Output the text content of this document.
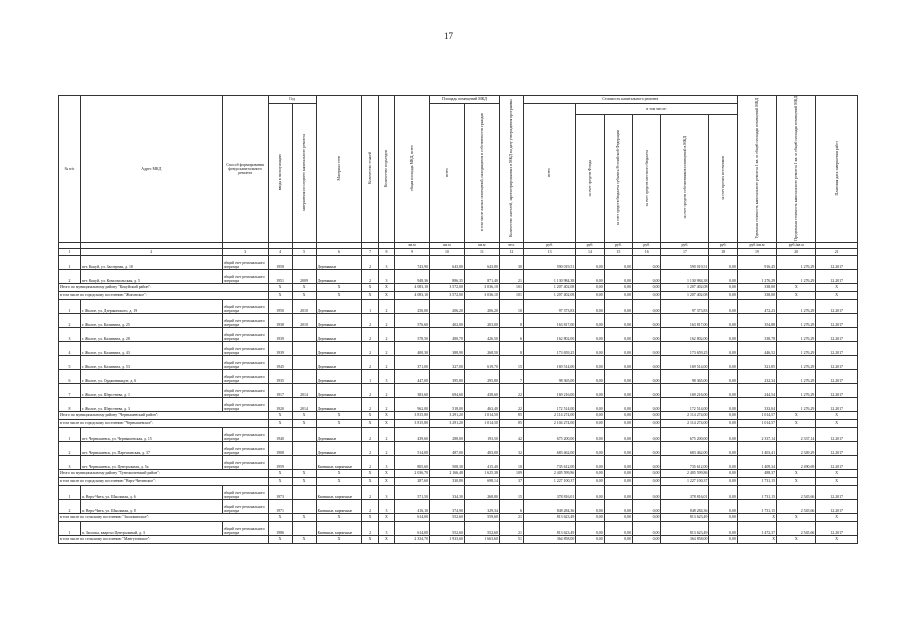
17
№ п/п	Адрес МКД	Способ формирования фонда капитального ремонта	Год		Материал стен	Количество этажей	Количество подъездов	общая площадь МКД, всего	Площадь помещений МКД		Количество жителей, зарегистрированных в МКД на дату утверждения программы	Стоимость капитального ремонта						Удельная стоимость капитального ремонта 1 кв. м общей площади помещений МКД	Предельная стоимость капитального ремонта 1 кв. м общей площади помещений МКД	Плановая дата завершения работ
			ввода в эксплуатацию	завершения последнего капитального ремонта					всего	в том числе жилых помещений, находящихся в собственности граждан		всего	в том числе:							
													за счет средств Фонда	за счет средств бюджета субъекта Российской Федерации	за счет средств местного бюджета	за счет средств собственников помещений в МКД	за счет прочих источников			
								кв.м	кв.м	кв.м	чел.	руб.	руб.	руб.	руб.	руб.	руб.	руб./кв.м	руб./кв.м	
1	2	3	4	5	6	7	8	9	10	11	12	13	14	15	16	17	18	19	20	21
1	пгт. Кокуй, ул. Заозерная, д. 18	общий счет регионального оператора	1958		Деревянные	2	3	743,90	643,80	643,80	30	590 019,51	0,00	0,00	0,00	590 019,51	0,00	916,45	1 276,29	12.2017
2	пгт. Кокуй, ул. Комсомольская, д. 5	общий счет регионального оператора	1951	2009	Деревянные	2	3	948,36	886,35	871,40	21	1 130 984,38	0,00	0,00	0,00	1 130 984,38	0,00	1 276,29	1 276,29	12.2017
Итого по муниципальному району "Кокуйский район":			X	X	X	X	X	4 083,10	3 572,00	3 036,10	101	1 207 402,08	0,00	0,00	0,00	1 207 402,08	0,00	338,00	X	X
в том числе по городскому поселению "Жиганское":			X	X	X	X	X	4 083,10	3 572,00	3 036,10	101	1 207 402,08	0,00	0,00	0,00	1 207 402,08	0,00	338,00	X	X
1	г. Жилое, ул. Дзержинского, д. 19	общий счет регионального оператора	1950	2010	Деревянные	1	2	250,00	206,20	206,20	10	97 373,83	0,00	0,00	0,00	97 373,83	0,00	472,23	1 276,29	12.2017
2	г. Жилое, ул. Калинина, д. 25	общий счет регионального оператора	1938	2010	Деревянные	2	2	576,60	402,00	203,00	8	163 817,00	0,00	0,00	0,00	163 817,00	0,00	354,88	1 276,29	12.2017
3	г. Жилое, ул. Калинина, д. 28	общий счет регионального оператора	1939		Деревянные	2	2	578,50	480,70	426,50	6	162 802,00	0,00	0,00	0,00	162 802,00	0,00	338,78	1 276,29	12.2017
4	г. Жилое, ул. Калинина, д. 43	общий счет регионального оператора	1939		Деревянные	2	2	400,30	388,90	268,50	8	173 659,25	0,00	0,00	0,00	173 659,25	0,00	446,52	1 276,29	12.2017
5	г. Жилое, ул. Калинина, д. 53	общий счет регионального оператора	1945		Деревянные	2	2	371,00	327,00	619,70	15	169 514,00	0,00	0,00	0,00	169 514,00	0,00	321,85	1 276,29	12.2017
6	г. Жилое, ул. Орджоникидзе, д. 6	общий счет регионального оператора	1935		Деревянные	1	3	447,00	395,80	295,80	7	98 365,00	0,00	0,00	0,00	98 365,00	0,00	232,34	1 276,29	12.2017
7	г. Жилое, ул. Шерстнева, д. 1	общий счет регионального оператора	1917	2014	Деревянные	2	2	383,60	694,60	438,60	22	169 216,00	0,00	0,00	0,00	169 216,00	0,00	244,54	1 276,29	12.2017
8	г. Жилое, ул. Шерстнева, д. 3	общий счет регионального оператора	1920	2014	Деревянные	2	2	962,00	518,00	463,40	22	172 514,00	0,00	0,00	0,00	172 514,00	0,00	333,04	1 276,29	12.2017
Итого по муниципальному району "Чернышевский район":			X	X	X	X	X	3 815,80	3 291,20	1 014,50	85	2 114 274,00	0,00	0,00	0,00	2 114 274,00	0,00	1 014,57	X	X
в том числе по городскому поселению "Чернышевское":			X	X	X	X	X	3 815,80	3 291,20	1 014,50	85	2 104 274,00	0,00	0,00	0,00	2 114 274,00	0,00	1 014,57	X	X
1	пгт. Чернышевск, ул. Чернышевская, д. 15	общий счет регионального оператора	1940		Деревянные	2	2	439,60	288,00	193,50	42	675 200,00	0,00	0,00	0,00	675 200,00	0,00	2 337,14	2 337,14	12.2017
2	пгт. Чернышевск, ул. Партизанская, д. 37	общий счет регионального оператора	1908		Деревянные	2	2	514,00	487,00	403,00	32	683 462,00	0,00	0,00	0,00	683 462,00	0,00	1 403,41	2 349,29	12.2017
3	пгт. Чернышевск, ул. Центральная, д. 5а	общий счет регионального оператора	1959		Каменные, кирпичные	2	3	805,60	508,30	415,40	10	735 612,00	0,00	0,00	0,00	735 612,00	0,00	1 409,34	2 490,69	12.2017
Итого по муниципальному району "Тунгокоченский район":			X	X	X	X	X	2 036,70	2 166,48	1 625,38	109	2 405 599,86	0,00	0,00	0,00	2 405 599,86	0,00	488,37	X	X
в том числе по городскому поселению "Верх-Читинское":			X	X	X	X	X	287,60	330,80	698,14	37	1 227 100,37	0,00	0,00	0,00	1 227 100,37	0,00	1 731,15	X	X
1	п. Верх-Чита, ул. Школьная, д. 6	общий счет регионального оператора	1973		Каменные, кирпичные	2	3	571,50	334,30	268,80	15	378 816,01	0,00	0,00	0,00	378 816,01	0,00	1 731,15	2 545,66	12.2017
2	п. Верх-Чита, ул. Школьная, д. 8	общий счет регионального оператора	1971		Каменные, кирпичные	2	3	416,10	374,90	329,34	6	848 284,36	0,00	0,00	0,00	848 284,36	0,00	1 731,15	2 545,66	12.2017
в том числе по сельскому поселению "Засопкинское":			X	X	X	X	X	614,00	552,60	559,60	21	813 623,49	0,00	0,00	0,00	813 623,49	0,00	X	X	X
1	п. Засопка, квартал Центральный, д. 3	общий счет регионального оператора	1986		Каменные, кирпичные	2	3	614,00	552,60	552,60	21	813 623,49	0,00	0,00	0,00	813 623,49	0,00	1 472,37	2 545,66	12.2017
в том числе по сельскому поселению "Мангутинское":			X	X	X	X	X	2 334,70	1 933,60	1 663,60	51	364 858,00	0,00	0,00	0,00	364 858,00	0,00	X	X	X
